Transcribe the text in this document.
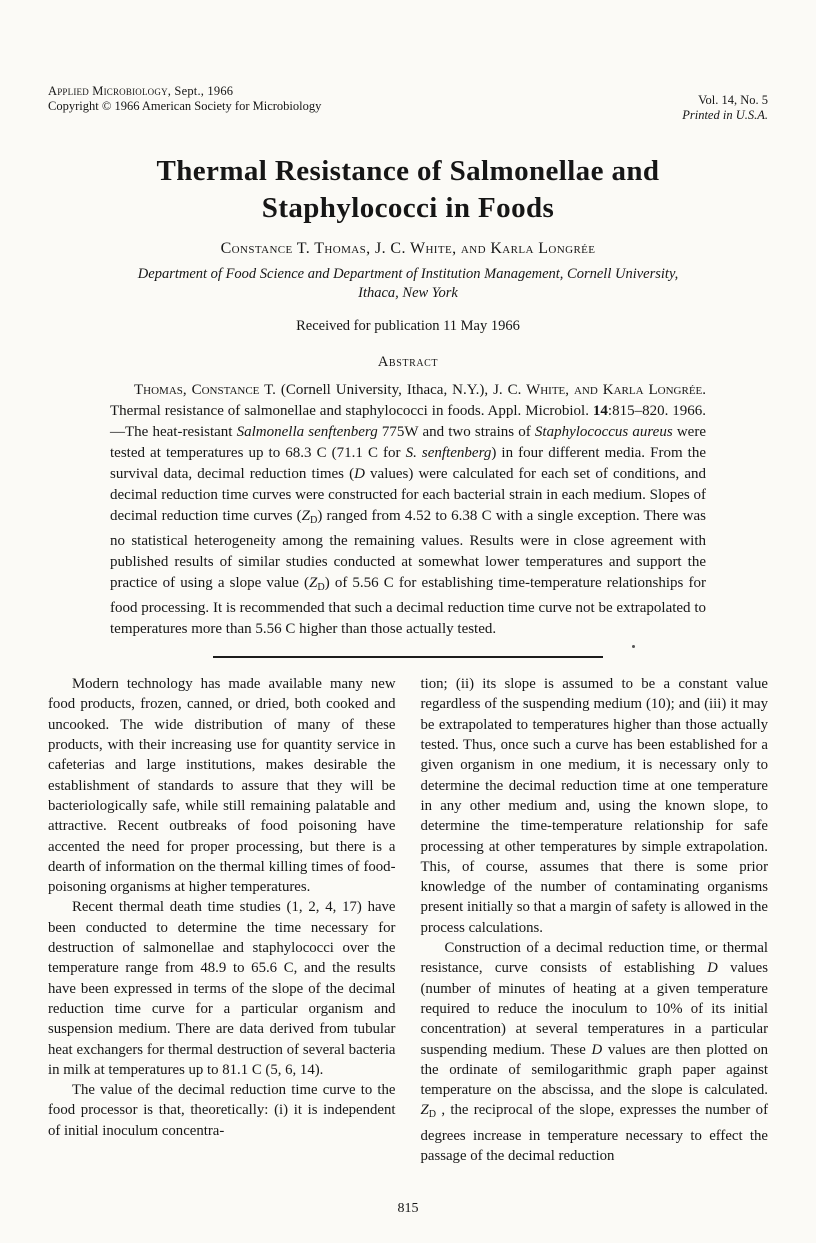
Applied Microbiology, Sept., 1966
Copyright © 1966 American Society for Microbiology	Vol. 14, No. 5
Printed in U.S.A.
Thermal Resistance of Salmonellae and
Staphylococci in Foods
Constance T. Thomas, J. C. White, and Karla Longrée
Department of Food Science and Department of Institution Management, Cornell University,
Ithaca, New York
Received for publication 11 May 1966
Abstract

Thomas, Constance T. (Cornell University, Ithaca, N.Y.), J. C. White, and Karla Longrée. Thermal resistance of salmonellae and staphylococci in foods. Appl. Microbiol. 14:815–820. 1966.—The heat-resistant Salmonella senftenberg 775W and two strains of Staphylococcus aureus were tested at temperatures up to 68.3 C (71.1 C for S. senftenberg) in four different media. From the survival data, decimal reduction times (D values) were calculated for each set of conditions, and decimal reduction time curves were constructed for each bacterial strain in each medium. Slopes of decimal reduction time curves (ZD) ranged from 4.52 to 6.38 C with a single exception. There was no statistical heterogeneity among the remaining values. Results were in close agreement with published results of similar studies conducted at somewhat lower temperatures and support the practice of using a slope value (ZD) of 5.56 C for establishing time-temperature relationships for food processing. It is recommended that such a decimal reduction time curve not be extrapolated to temperatures more than 5.56 C higher than those actually tested.

Modern technology has made available many new food products, frozen, canned, or dried, both cooked and uncooked. The wide distribution of many of these products, with their increasing use for quantity service in cafeterias and large institutions, makes desirable the establishment of standards to assure that they will be bacteriologically safe, while still remaining palatable and attractive. Recent outbreaks of food poisoning have accented the need for proper processing, but there is a dearth of information on the thermal killing times of food-poisoning organisms at higher temperatures.

Recent thermal death time studies (1, 2, 4, 17) have been conducted to determine the time necessary for destruction of salmonellae and staphylococci over the temperature range from 48.9 to 65.6 C, and the results have been expressed in terms of the slope of the decimal reduction time curve for a particular organism and suspension medium. There are data derived from tubular heat exchangers for thermal destruction of several bacteria in milk at temperatures up to 81.1 C (5, 6, 14).

The value of the decimal reduction time curve to the food processor is that, theoretically: (i) it is independent of initial inoculum concentra-

tion; (ii) its slope is assumed to be a constant value regardless of the suspending medium (10); and (iii) it may be extrapolated to temperatures higher than those actually tested. Thus, once such a curve has been established for a given organism in one medium, it is necessary only to determine the decimal reduction time at one temperature in any other medium and, using the known slope, to determine the time-temperature relationship for safe processing at other temperatures by simple extrapolation. This, of course, assumes that there is some prior knowledge of the number of contaminating organisms present initially so that a margin of safety is allowed in the process calculations.

Construction of a decimal reduction time, or thermal resistance, curve consists of establishing D values (number of minutes of heating at a given temperature required to reduce the inoculum to 10% of its initial concentration) at several temperatures in a particular suspending medium. These D values are then plotted on the ordinate of semilogarithmic graph paper against temperature on the abscissa, and the slope is calculated. ZD , the reciprocal of the slope, expresses the number of degrees increase in temperature necessary to effect the passage of the decimal reduction

815
